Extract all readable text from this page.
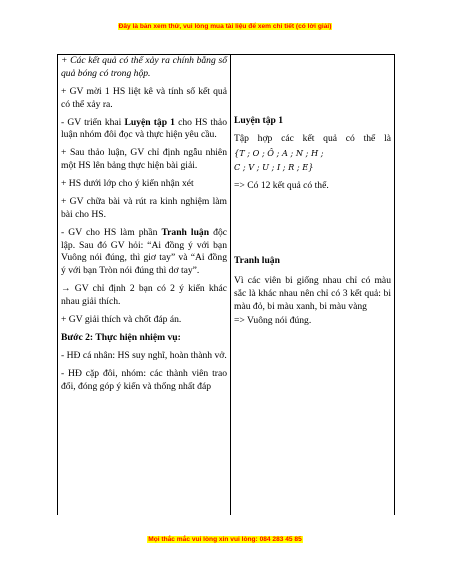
Đây là bản xem thử, vui lòng mua tài liệu để xem chi tiết (có lời giải)

+ Các kết quả có thể xảy ra chính bằng số quả bóng có trong hộp.

+ GV mời 1 HS liệt kê và tính số kết quả có thể xảy ra.

- GV triển khai Luyện tập 1 cho HS thảo luận nhóm đôi đọc và thực hiện yêu cầu.

+ Sau thảo luận, GV chỉ định ngẫu nhiên một HS lên bảng thực hiện bài giải.

+ HS dưới lớp cho ý kiến nhận xét

+ GV chữa bài và rút ra kinh nghiệm làm bài cho HS.

- GV cho HS làm phần Tranh luận độc lập. Sau đó GV hỏi: “Ai đồng ý với bạn Vuông nói đúng, thì giơ tay” và “Ai đồng ý với bạn Tròn nói đúng thì dơ tay”.

→ GV chỉ định 2 bạn có 2 ý kiến khác nhau giải thích.

+ GV giải thích và chốt đáp án.

Bước 2: Thực hiện nhiệm vụ:

- HĐ cá nhân: HS suy nghĩ, hoàn thành vở.

- HĐ cặp đôi, nhóm: các thành viên trao đổi, đóng góp ý kiến và thống nhất đáp

Luyện tập 1

Tập hợp các kết quả có thể là

{T ; O ; Ô ; A ; N ; H ;

C ; V ; U ; I ; R ; E}

=> Có 12 kết quả có thể.

Tranh luận

Vì các viên bi giống nhau chỉ có màu sắc là khác nhau nên chỉ có 3 kết quả: bi màu đỏ, bi màu xanh, bi màu vàng

=> Vuông nói đúng.

Mọi thắc mắc vui lòng xin vui lòng: 084 283 45 85
